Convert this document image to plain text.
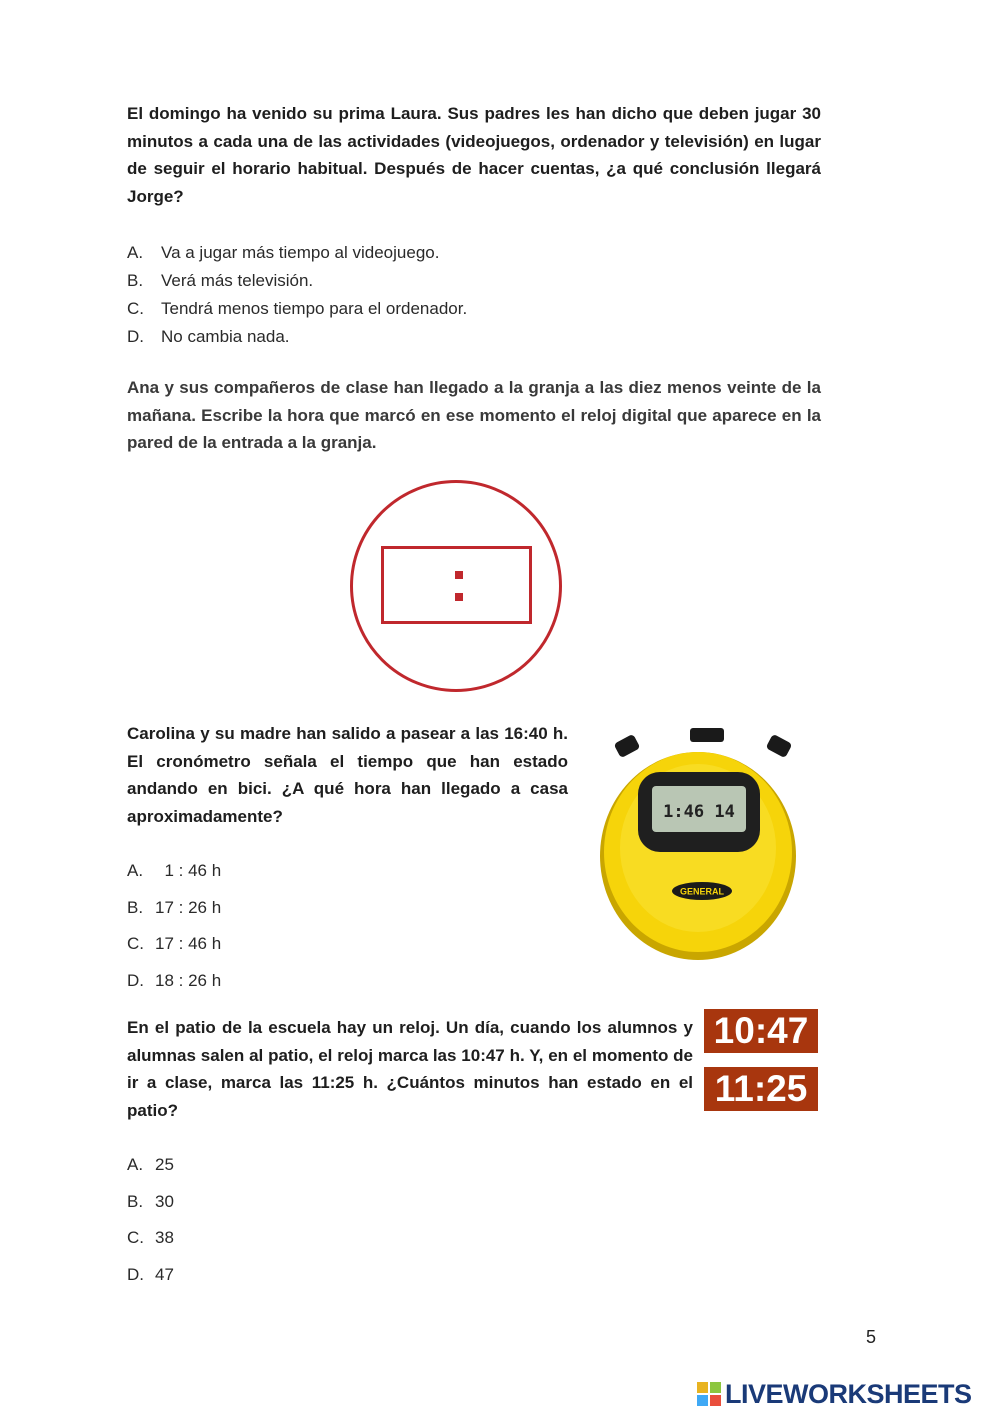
El domingo ha venido su prima Laura. Sus padres les han dicho que deben jugar 30 minutos a cada una de las actividades (videojuegos, ordenador y televisión) en lugar de seguir el horario habitual. Después de hacer cuentas, ¿a qué conclusión llegará Jorge?

A. Va a jugar más tiempo al videojuego.
B. Verá más televisión.
C. Tendrá menos tiempo para el ordenador.
D. No cambia nada.

Ana y sus compañeros de clase han llegado a la granja a las diez menos veinte de la mañana. Escribe la hora que marcó en ese momento el reloj digital que aparece en la pared de la entrada a la granja.

Carolina y su madre han salido a pasear a las 16:40 h. El cronómetro señala el tiempo que han estado andando en bici. ¿A qué hora han llegado a casa aproximadamente?	1:46 14
GENERAL
A.  1 : 46 h
B. 17 : 26 h
C. 17 : 46 h
D. 18 : 26 h

En el patio de la escuela hay un reloj. Un día, cuando los alumnos y alumnas salen al patio, el reloj marca las 10:47 h. Y, en el momento de ir a clase, marca las 11:25 h. ¿Cuántos minutos han estado en el patio?

10:47
11:25
A. 25
B. 30
C. 38
D. 47
5
LIVEWORKSHEETS
